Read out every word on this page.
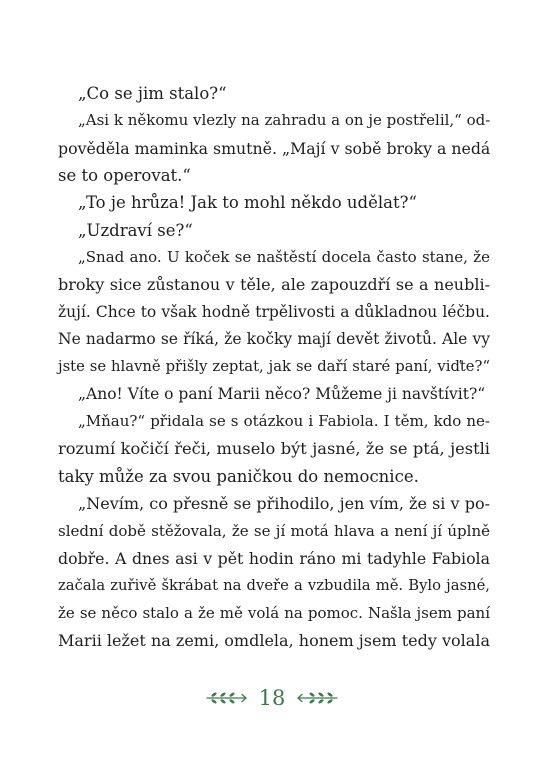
„Co se jim stalo?“
„Asi k někomu vlezly na zahradu a on je postřelil,“ od-
pověděla maminka smutně. „Mají v sobě broky a nedá
se to operovat.“
„To je hrůza! Jak to mohl někdo udělat?“
„Uzdraví se?“
„Snad ano. U koček se naštěstí docela často stane, že
broky sice zůstanou v těle, ale zapouzdří se a neubli-
žují. Chce to však hodně trpělivosti a důkladnou léčbu.
Ne nadarmo se říká, že kočky mají devět životů. Ale vy
jste se hlavně přišly zeptat, jak se daří staré paní, viďte?“
„Ano! Víte o paní Marii něco? Můžeme ji navštívit?“
„Mňau?“ přidala se s otázkou i Fabiola. I těm, kdo ne-
rozumí kočičí řeči, muselo být jasné, že se ptá, jestli
taky může za svou paničkou do nemocnice.
„Nevím, co přesně se přihodilo, jen vím, že si v po-
slední době stěžovala, že se jí motá hlava a není jí úplně
dobře. A dnes asi v pět hodin ráno mi tadyhle Fabiola
začala zuřivě škrábat na dveře a vzbudila mě. Bylo jasné,
že se něco stalo a že mě volá na pomoc. Našla jsem paní
Marii ležet na zemi, omdlela, honem jsem tedy volala
18
